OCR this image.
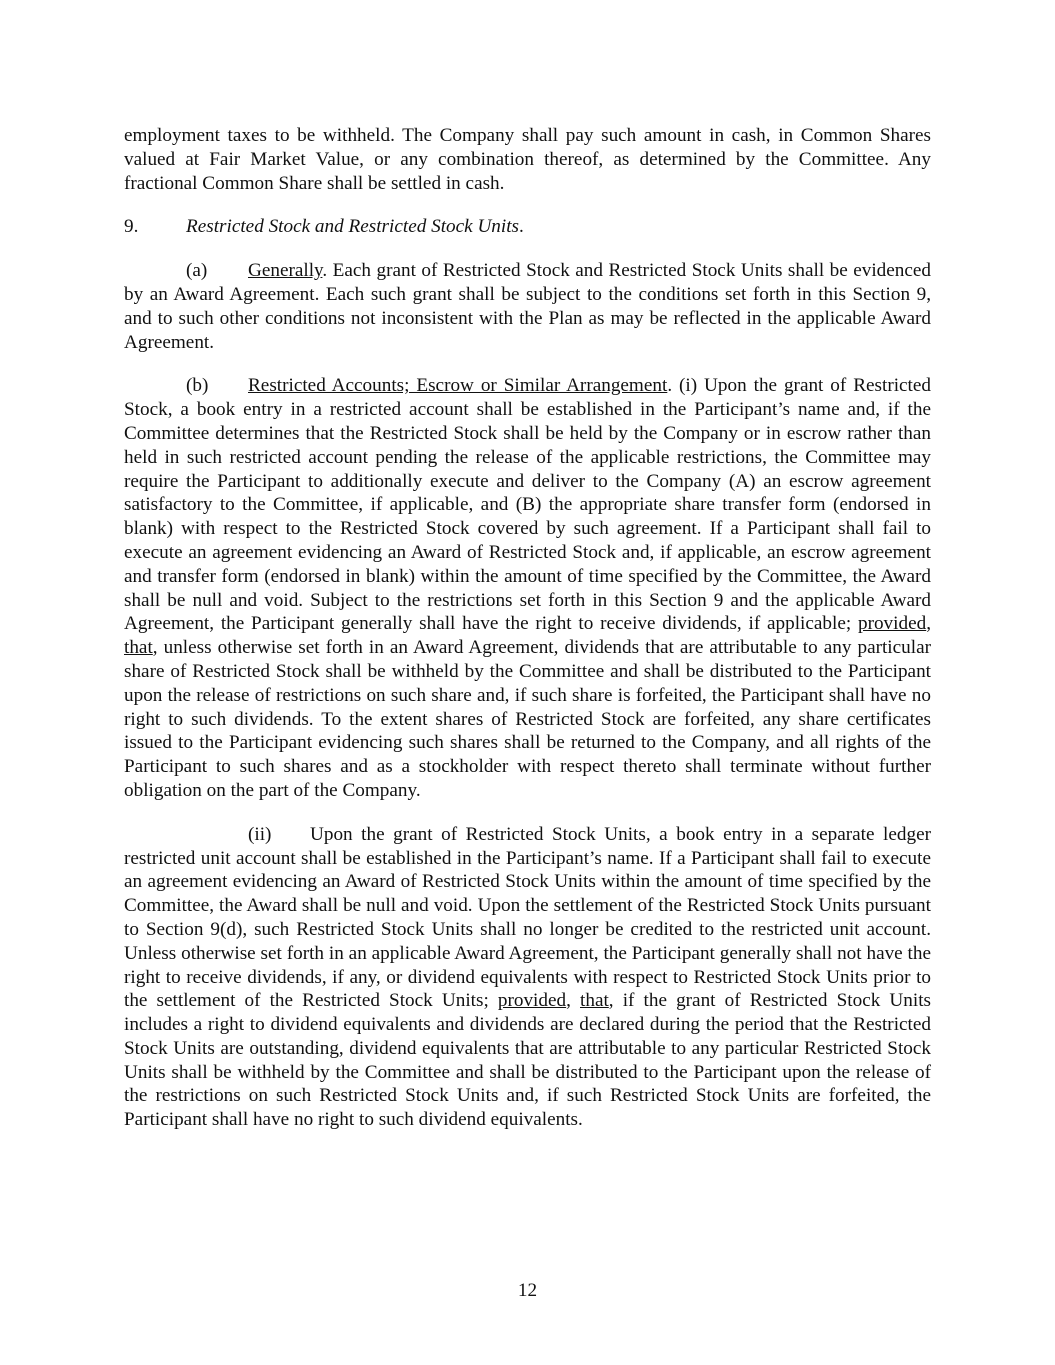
employment taxes to be withheld. The Company shall pay such amount in cash, in Common Shares valued at Fair Market Value, or any combination thereof, as determined by the Committee. Any fractional Common Share shall be settled in cash.

9. Restricted Stock and Restricted Stock Units.

(a) Generally. Each grant of Restricted Stock and Restricted Stock Units shall be evidenced by an Award Agreement. Each such grant shall be subject to the conditions set forth in this Section 9, and to such other conditions not inconsistent with the Plan as may be reflected in the applicable Award Agreement.

(b) Restricted Accounts; Escrow or Similar Arrangement. (i) Upon the grant of Restricted Stock, a book entry in a restricted account shall be established in the Participant’s name and, if the Committee determines that the Restricted Stock shall be held by the Company or in escrow rather than held in such restricted account pending the release of the applicable restrictions, the Committee may require the Participant to additionally execute and deliver to the Company (A) an escrow agreement satisfactory to the Committee, if applicable, and (B) the appropriate share transfer form (endorsed in blank) with respect to the Restricted Stock covered by such agreement. If a Participant shall fail to execute an agreement evidencing an Award of Restricted Stock and, if applicable, an escrow agreement and transfer form (endorsed in blank) within the amount of time specified by the Committee, the Award shall be null and void. Subject to the restrictions set forth in this Section 9 and the applicable Award Agreement, the Participant generally shall have the right to receive dividends, if applicable; provided, that, unless otherwise set forth in an Award Agreement, dividends that are attributable to any particular share of Restricted Stock shall be withheld by the Committee and shall be distributed to the Participant upon the release of restrictions on such share and, if such share is forfeited, the Participant shall have no right to such dividends. To the extent shares of Restricted Stock are forfeited, any share certificates issued to the Participant evidencing such shares shall be returned to the Company, and all rights of the Participant to such shares and as a stockholder with respect thereto shall terminate without further obligation on the part of the Company.

(ii) Upon the grant of Restricted Stock Units, a book entry in a separate ledger restricted unit account shall be established in the Participant’s name. If a Participant shall fail to execute an agreement evidencing an Award of Restricted Stock Units within the amount of time specified by the Committee, the Award shall be null and void. Upon the settlement of the Restricted Stock Units pursuant to Section 9(d), such Restricted Stock Units shall no longer be credited to the restricted unit account. Unless otherwise set forth in an applicable Award Agreement, the Participant generally shall not have the right to receive dividends, if any, or dividend equivalents with respect to Restricted Stock Units prior to the settlement of the Restricted Stock Units; provided, that, if the grant of Restricted Stock Units includes a right to dividend equivalents and dividends are declared during the period that the Restricted Stock Units are outstanding, dividend equivalents that are attributable to any particular Restricted Stock Units shall be withheld by the Committee and shall be distributed to the Participant upon the release of the restrictions on such Restricted Stock Units and, if such Restricted Stock Units are forfeited, the Participant shall have no right to such dividend equivalents.

12
